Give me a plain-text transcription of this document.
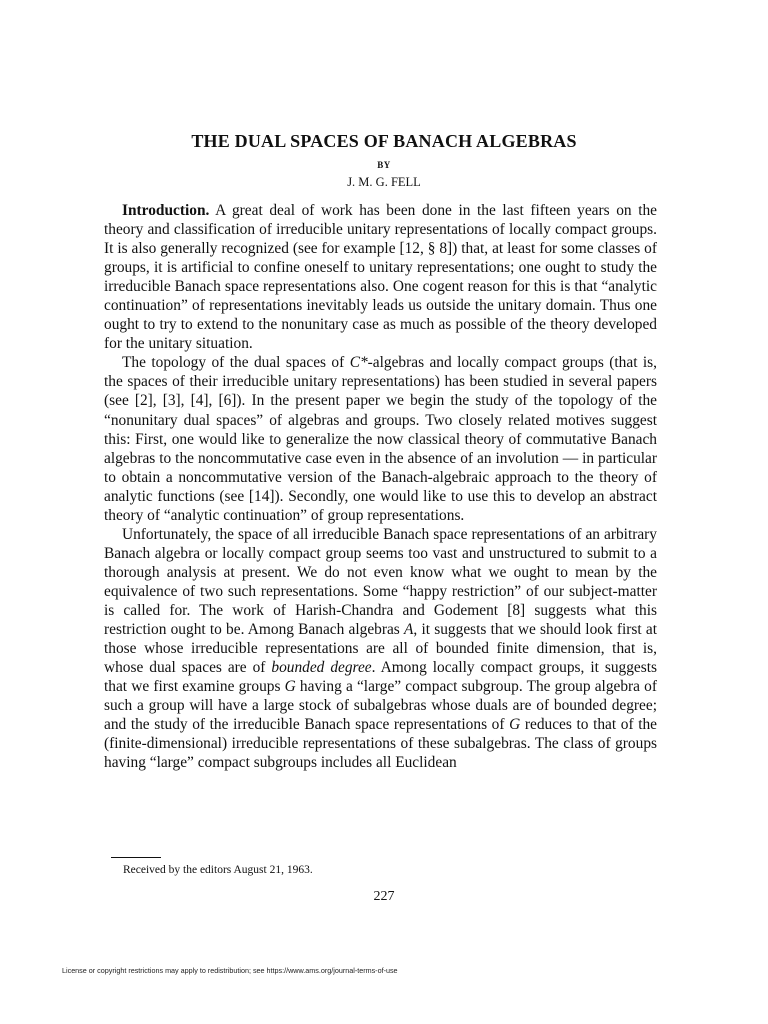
THE DUAL SPACES OF BANACH ALGEBRAS
BY
J. M. G. FELL

Introduction. A great deal of work has been done in the last fifteen years on the theory and classification of irreducible unitary representations of locally compact groups. It is also generally recognized (see for example [12, § 8]) that, at least for some classes of groups, it is artificial to confine oneself to unitary representations; one ought to study the irreducible Banach space representations also. One cogent reason for this is that “analytic continuation” of representations inevitably leads us outside the unitary domain. Thus one ought to try to extend to the nonunitary case as much as possible of the theory developed for the unitary situation.

The topology of the dual spaces of C*-algebras and locally compact groups (that is, the spaces of their irreducible unitary representations) has been studied in several papers (see [2], [3], [4], [6]). In the present paper we begin the study of the topology of the “nonunitary dual spaces” of algebras and groups. Two closely related motives suggest this: First, one would like to generalize the now classical theory of commutative Banach algebras to the noncommutative case even in the absence of an involution — in particular to obtain a noncommutative version of the Banach-algebraic approach to the theory of analytic functions (see [14]). Secondly, one would like to use this to develop an abstract theory of “analytic continuation” of group representations.

Unfortunately, the space of all irreducible Banach space representations of an arbitrary Banach algebra or locally compact group seems too vast and unstructured to submit to a thorough analysis at present. We do not even know what we ought to mean by the equivalence of two such representations. Some “happy restriction” of our subject-matter is called for. The work of Harish-Chandra and Godement [8] suggests what this restriction ought to be. Among Banach algebras A, it suggests that we should look first at those whose irreducible representations are all of bounded finite dimension, that is, whose dual spaces are of bounded degree. Among locally compact groups, it suggests that we first examine groups G having a “large” compact subgroup. The group algebra of such a group will have a large stock of subalgebras whose duals are of bounded degree; and the study of the irreducible Banach space representations of G reduces to that of the (finite-dimensional) irreducible representations of these subalgebras. The class of groups having “large” compact subgroups includes all Euclidean

Received by the editors August 21, 1963.
227
License or copyright restrictions may apply to redistribution; see https://www.ams.org/journal-terms-of-use
